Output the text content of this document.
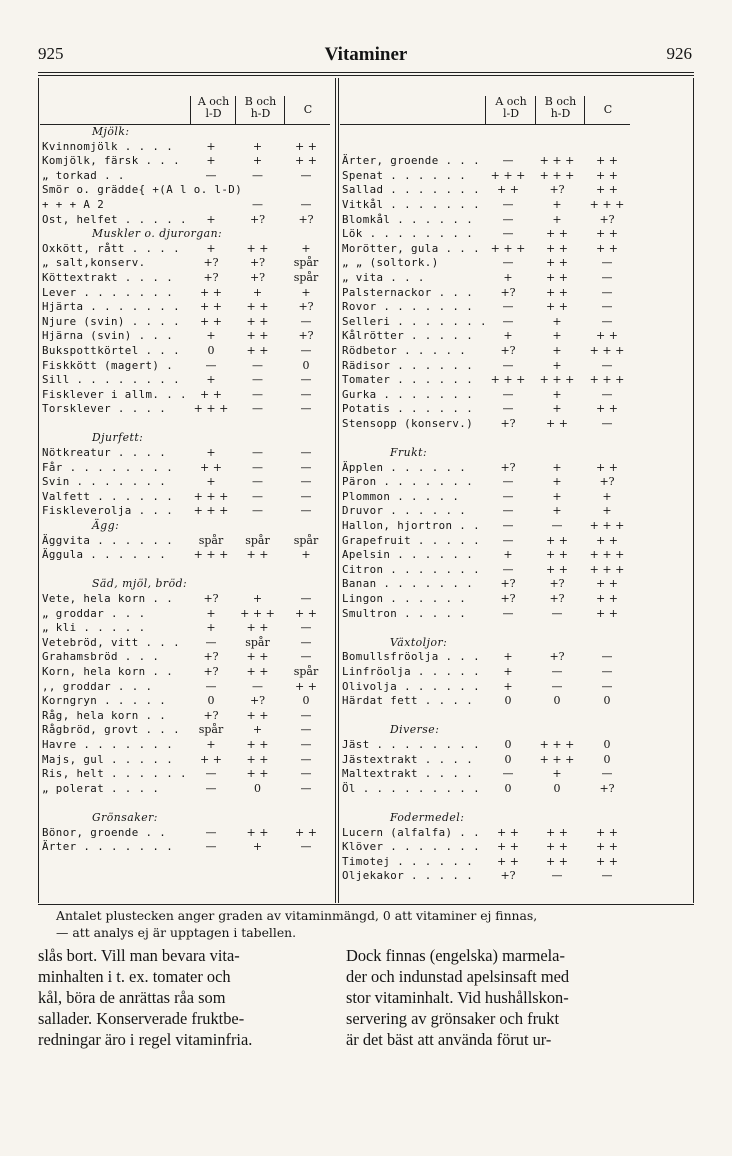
925	Vitaminer	926
A och
l-D
B och
h-D	C
Mjölk:
Kvinnomjölk . . . .	+	+	+ +
Komjölk, färsk . . .	+	+	+ +
„ torkad . .	—	—	—
Smör o. grädde{ +(A l o. l-D)
+ + + A 2	—	—
Ost, helfet . . . . .	+	+?	+?
Muskler o. djurorgan:
Oxkött, rått . . . .	+	+ +	+
„ salt,konserv.	+?	+?	spår
Köttextrakt . . . .	+?	+?	spår
Lever . . . . . . .	+ +	+	+
Hjärta . . . . . . .	+ +	+ +	+?
Njure (svin) . . . .	+ +	+ +	—
Hjärna (svin) . . .	+	+ +	+?
Bukspottkörtel . . .	0	+ +	—
Fiskkött (magert) .	—	—	0
Sill . . . . . . . .	+	—	—
Fisklever i allm. . .	+ +	—	—
Torsklever . . . .	+ + +	—	—
Djurfett:
Nötkreatur . . . .	+	—	—
Får . . . . . . . .	+ +	—	—
Svin . . . . . . .	+	—	—
Valfett . . . . . .	+ + +	—	—
Fiskleverolja . . .	+ + +	—	—
Ägg:
Äggvita . . . . . .	spår	spår	spår
Äggula . . . . . .	+ + +	+ +	+
Säd, mjöl, bröd:
Vete, hela korn . .	+?	+	—
„ groddar . . .	+	+ + +	+ +
„ kli . . . . .	+	+ +	—
Vetebröd, vitt . . .	—	spår	—
Grahamsbröd . . .	+?	+ +	—
Korn, hela korn . .	+?	+ +	spår
,, groddar . . .	—	—	+ +
Korngryn . . . . .	0	+?	0
Råg, hela korn . .	+?	+ +	—
Rågbröd, grovt . . .	spår	+	—
Havre . . . . . . .	+	+ +	—
Majs, gul . . . . .	+ +	+ +	—
Ris, helt . . . . . .	—	+ +	—
„ polerat . . . .	—	0	—
Grönsaker:
Bönor, groende . .	—	+ +	+ +
Ärter . . . . . . .	—	+	—
A och
l-D
B och
h-D	C
Ärter, groende . . .	—	+ + +	+ +
Spenat . . . . . .	+ + +	+ + +	+ +
Sallad . . . . . . .	+ +	+?	+ +
Vitkål . . . . . . .	—	+	+ + +
Blomkål . . . . . .	—	+	+?
Lök . . . . . . . .	—	+ +	+ +
Morötter, gula . . . + + +	+ +	+ +
„ „ (soltork.)	—	+ +	—
„ vita . . .	+	+ +	—
Palsternackor . . .	+?	+ +	—
Rovor . . . . . . .	—	+ +	—
Selleri . . . . . . .	—	+	—
Kålrötter . . . . .	+	+	+ +
Rödbetor . . . . .	+?	+	+ + +
Rädisor . . . . . .	—	+	—
Tomater . . . . . .	+ + +	+ + +	+ + +
Gurka . . . . . . .	—	+	—
Potatis . . . . . .	—	+	+ +
Stensopp (konserv.)	+?	+ +	—
Frukt:
Äpplen . . . . . .	+?	+	+ +
Päron . . . . . . .	—	+	+?
Plommon . . . . .	—	+	+
Druvor . . . . . .	—	+	+
Hallon, hjortron . .	—	—	+ + +
Grapefruit . . . . .	—	+ +	+ +
Apelsin . . . . . .	+	+ +	+ + +
Citron . . . . . . .	—	+ +	+ + +
Banan . . . . . . .	+?	+?	+ +
Lingon . . . . . .	+?	+?	+ +
Smultron . . . . .	—	—	+ +
Växtoljor:
Bomullsfröolja . . .	+	+?	—
Linfröolja . . . . .	+	—	—
Olivolja . . . . . .	+	—	—
Härdat fett . . . .	0	0	0
Diverse:
Jäst . . . . . . . .	0	+ + +	0
Jästextrakt . . . .	0	+ + +	0
Maltextrakt . . . .	—	+	—
Öl . . . . . . . . .	0	0	+?
Fodermedel:
Lucern (alfalfa) . .	+ +	+ +	+ +
Klöver . . . . . . .	+ +	+ +	+ +
Timotej . . . . . .	+ +	+ +	+ +
Oljekakor . . . . .	+?	—	—
Antalet plustecken anger graden av vitaminmängd, 0 att vitaminer ej finnas,
— att analys ej är upptagen i tabellen.
slås bort. Vill man bevara vita-
minhalten i t. ex. tomater och
kål, böra de anrättas råa som
sallader. Konserverade fruktbe-
redningar äro i regel vitaminfria.
Dock finnas (engelska) marmela-
der och indunstad apelsinsaft med
stor vitaminhalt. Vid hushållskon-
servering av grönsaker och frukt
är det bäst att använda förut ur-
